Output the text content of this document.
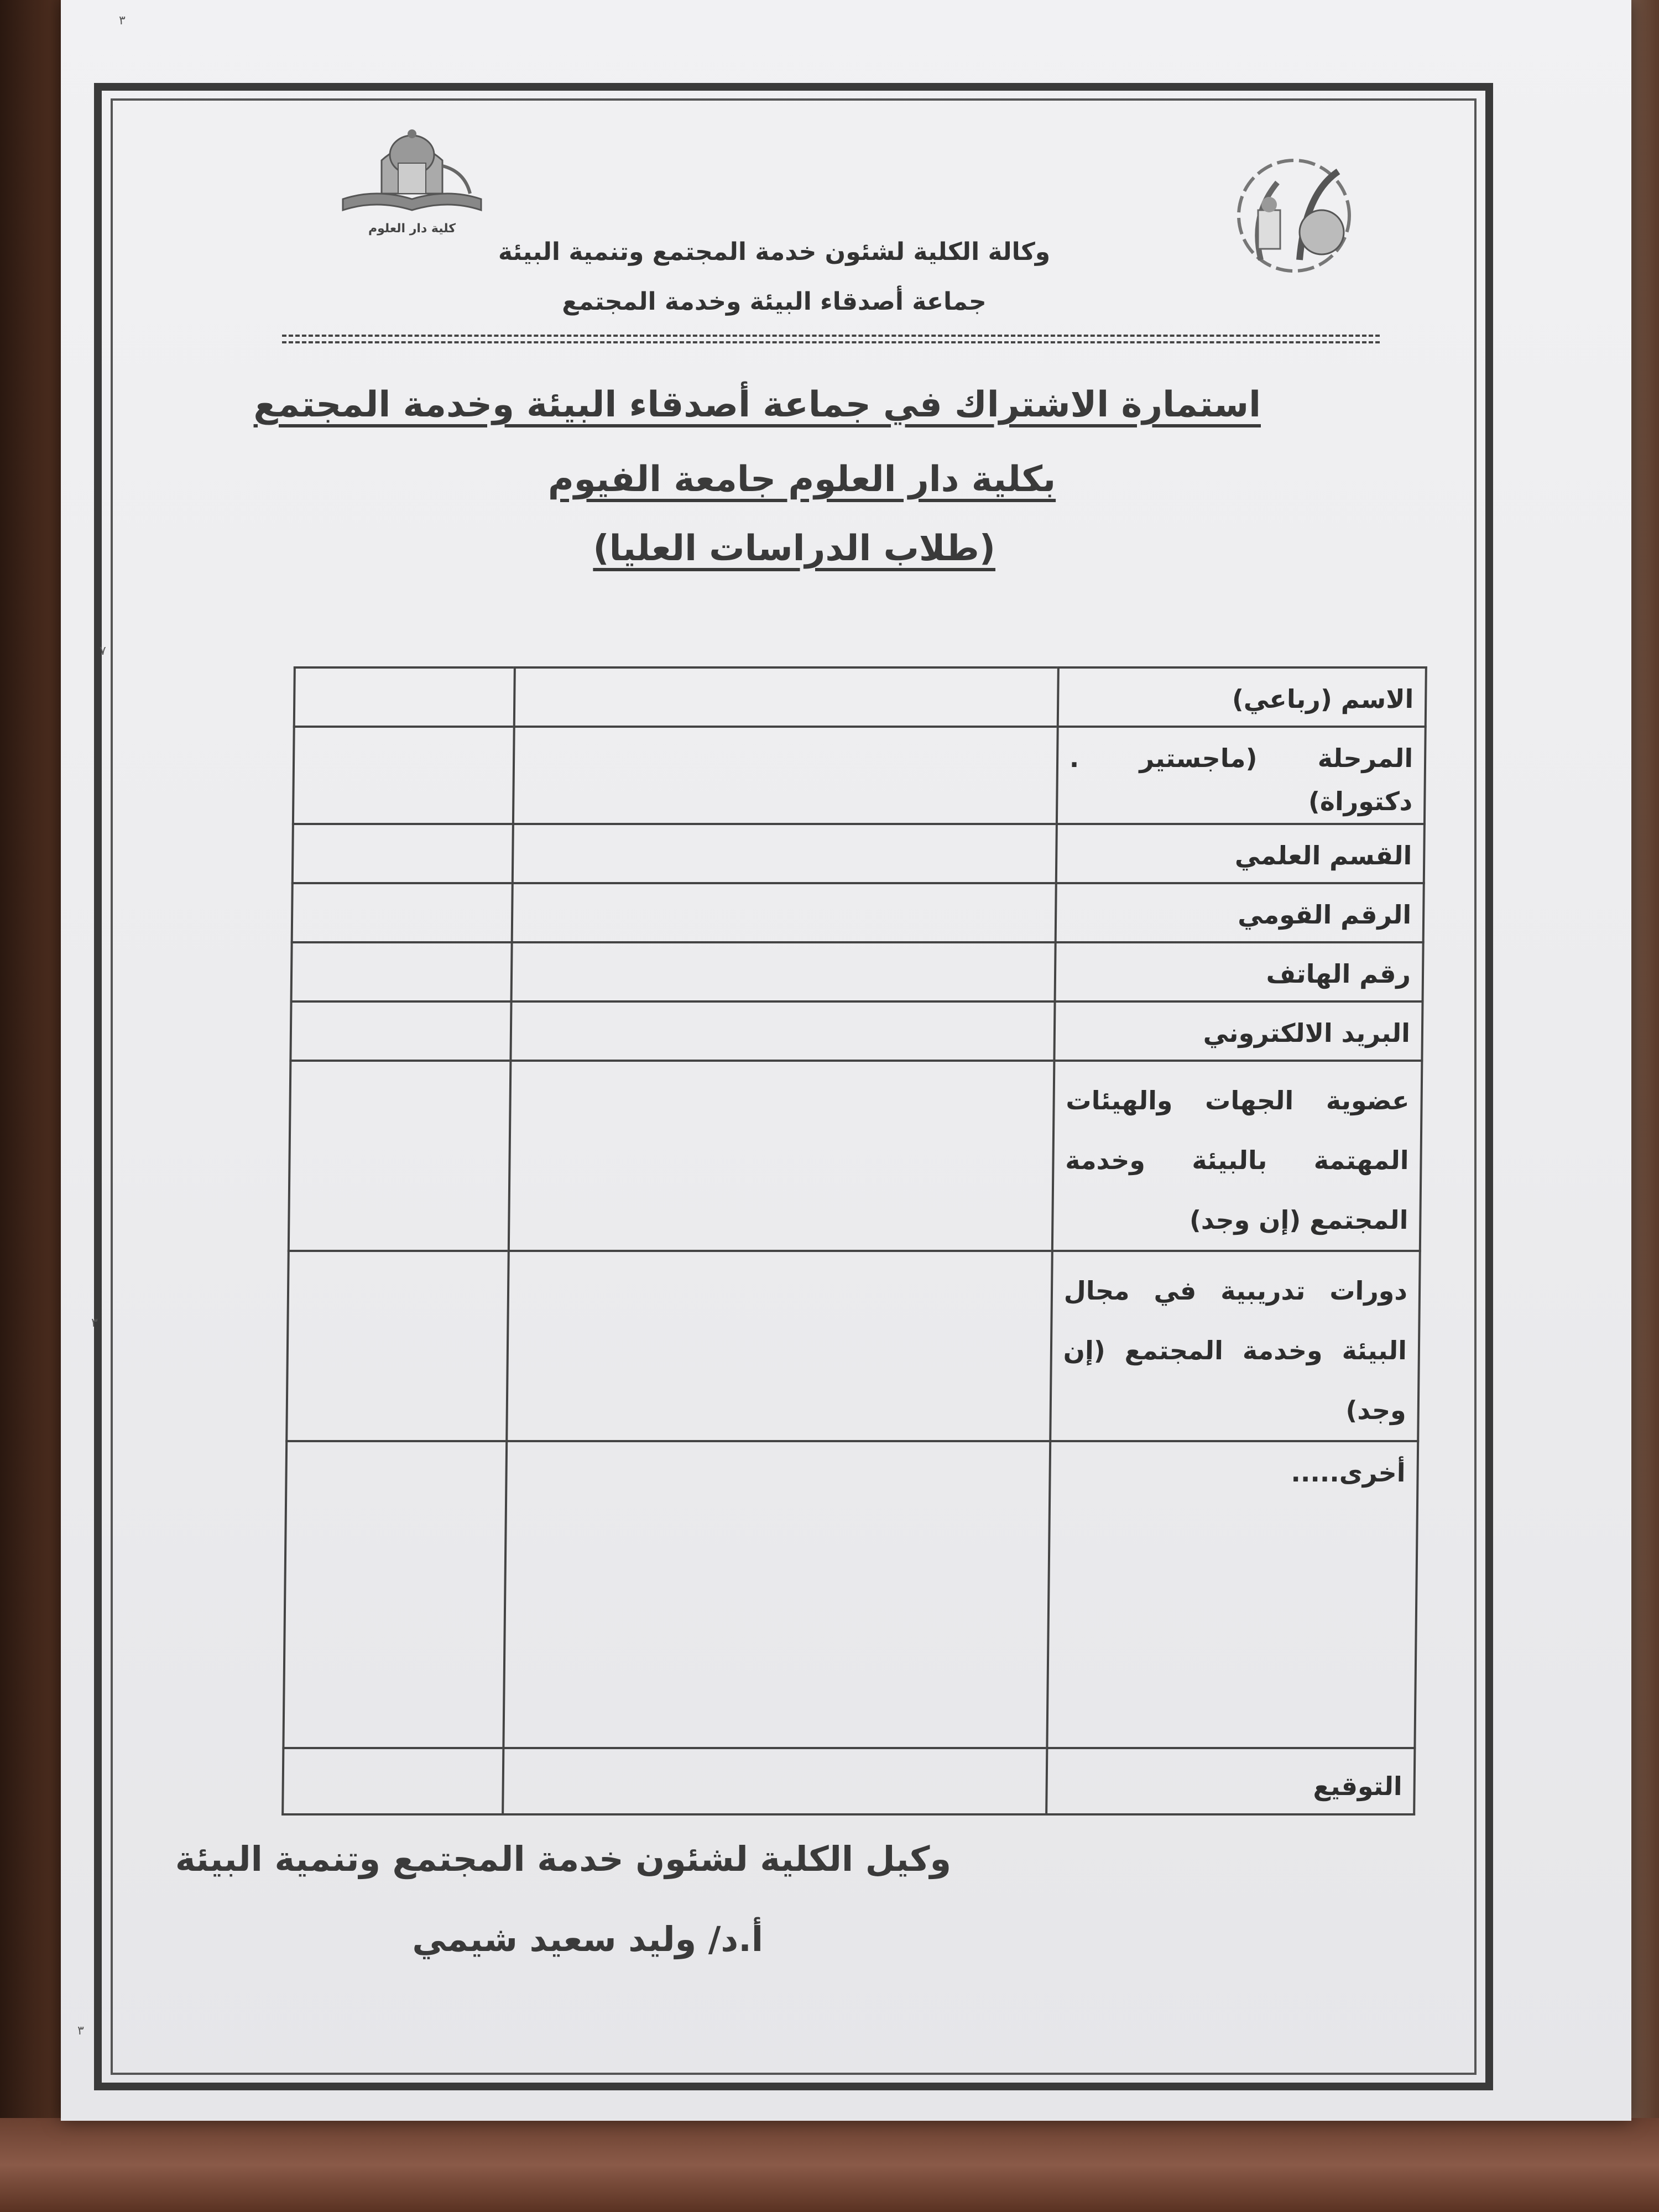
كلية دار العلوم
وكالة الكلية لشئون خدمة المجتمع وتنمية البيئة
جماعة أصدقاء البيئة وخدمة المجتمع
استمارة الاشتراك في جماعة أصدقاء البيئة وخدمة المجتمع
بكلية دار العلوم جامعة الفيوم
(طلاب الدراسات العليا)
الاسم (رباعي)		
المرحلة (ماجستير . دكتوراة)		
القسم العلمي		
الرقم القومي		
رقم الهاتف		
البريد الالكتروني		
عضوية الجهات والهيئات المهتمة بالبيئة وخدمة المجتمع (إن وجد)		
دورات تدريبية في مجال البيئة وخدمة المجتمع (إن وجد)		
أخرى.....		
التوقيع		
وكيل الكلية لشئون خدمة المجتمع وتنمية البيئة
أ.د/ وليد سعيد شيمي
٣
٧
٣
٣
